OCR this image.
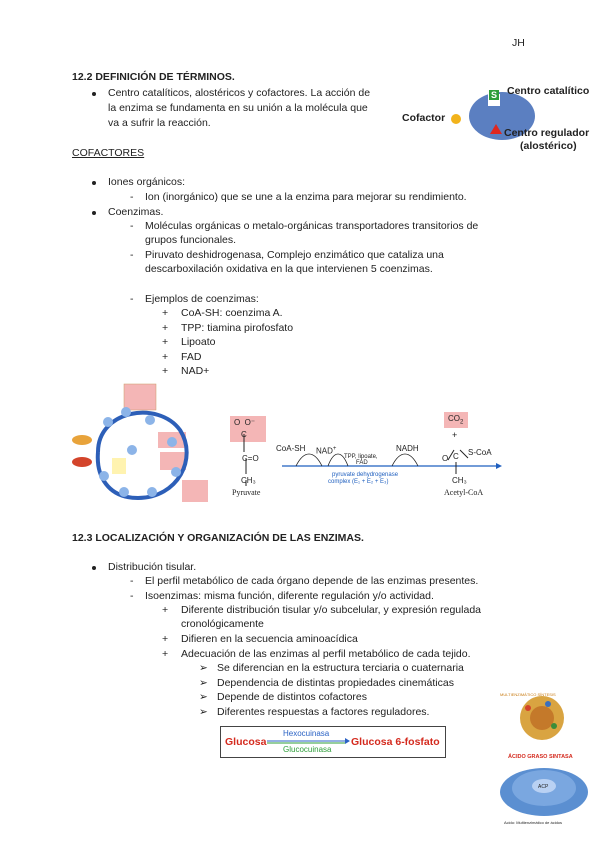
JH
12.2 DEFINICIÓN DE TÉRMINOS.
Centro catalíticos, alostéricos y cofactores. La acción de
la enzima se fundamenta en su unión a la molécula que
va a sufrir la reacción.
S Centro catalítico
Cofactor
Centro regulador
(alostérico)
COFACTORES
Iones orgánicos:
- Ion (inorgánico) que se une a la enzima para mejorar su rendimiento.
Coenzimas.
- Moléculas orgánicas o metalo-orgánicas transportadores transitorios de
grupos funcionales.
- Piruvato deshidrogenasa, Complejo enzimático que cataliza una
descarboxilación oxidativa en la que intervienen 5 coenzimas.
- Ejemplos de coenzimas:
+ CoA-SH: coenzima A.
+ TPP: tiamina pirofosfato
+ Lipoato
+ FAD
+ NAD+
O  O⁻
C
C=O
CH₃
Pyruvate
CoA-SH NAD+
TPP, lipoate,
FAD
NADH
pyruvate dehydrogenase
complex (E₁ + E₂ + E₃)
$CO_2$
+
O
S-CoA
C
CH₃
Acetyl-CoA
12.3 LOCALIZACIÓN Y ORGANIZACIÓN DE LAS ENZIMAS.
Distribución tisular.
- El perfil metabólico de cada órgano depende de las enzimas presentes.
- Isoenzimas: misma función, diferente regulación y/o actividad.
+ Diferente distribución tisular y/o subcelular, y expresión regulada
cronológicamente
+ Difieren en la secuencia aminoacídica
+ Adecuación de las enzimas al perfil metabólico de cada tejido.
➢ Se diferencian en la estructura terciaria o cuaternaria
➢ Dependencia de distintas propiedades cinemáticas
➢ Depende de distintos cofactores
➢ Diferentes respuestas a factores reguladores.
Glucosa	Glucosa 6-fosfato
Hexocuinasa
Glucocuinasa
MULTIENZIMÁTICO SÍNTESIS
ÁCIDO GRASO SINTASA
ACP
Acido: Multienzimático de ácidos
